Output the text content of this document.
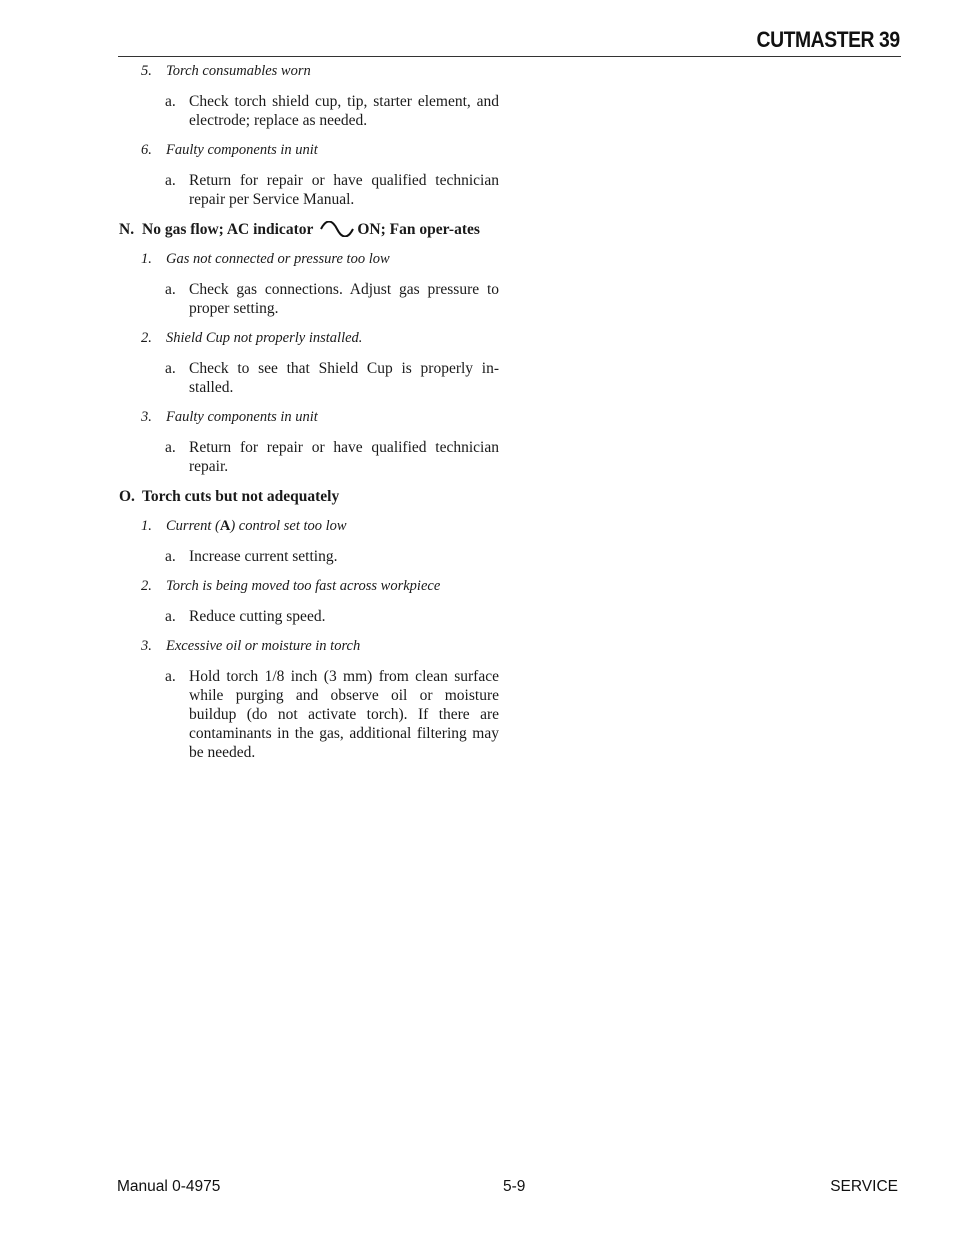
CUTMASTER 39
5. Torch consumables worn
a. Check torch shield cup, tip, starter element, and electrode; replace as needed.
6. Faulty components in unit
a. Return for repair or have qualified technician repair per Service Manual.
N. No gas flow; AC indicator	ON; Fan oper-ates
1. Gas not connected or pressure too low
a. Check gas connections. Adjust gas pressure to proper setting.
2. Shield Cup not properly installed.
a. Check to see that Shield Cup is properly in-stalled.
3. Faulty components in unit
a. Return for repair or have qualified technician repair.
O. Torch cuts but not adequately
1. Current (A) control set too low
a. Increase current setting.
2. Torch is being moved too fast across workpiece
a. Reduce cutting speed.
3. Excessive oil or moisture in torch
a. Hold torch 1/8 inch (3 mm) from clean surface while purging and observe oil or moisture buildup (do not activate torch). If there are contaminants in the gas, additional filtering may be needed.
Manual 0-4975	5-9	SERVICE
